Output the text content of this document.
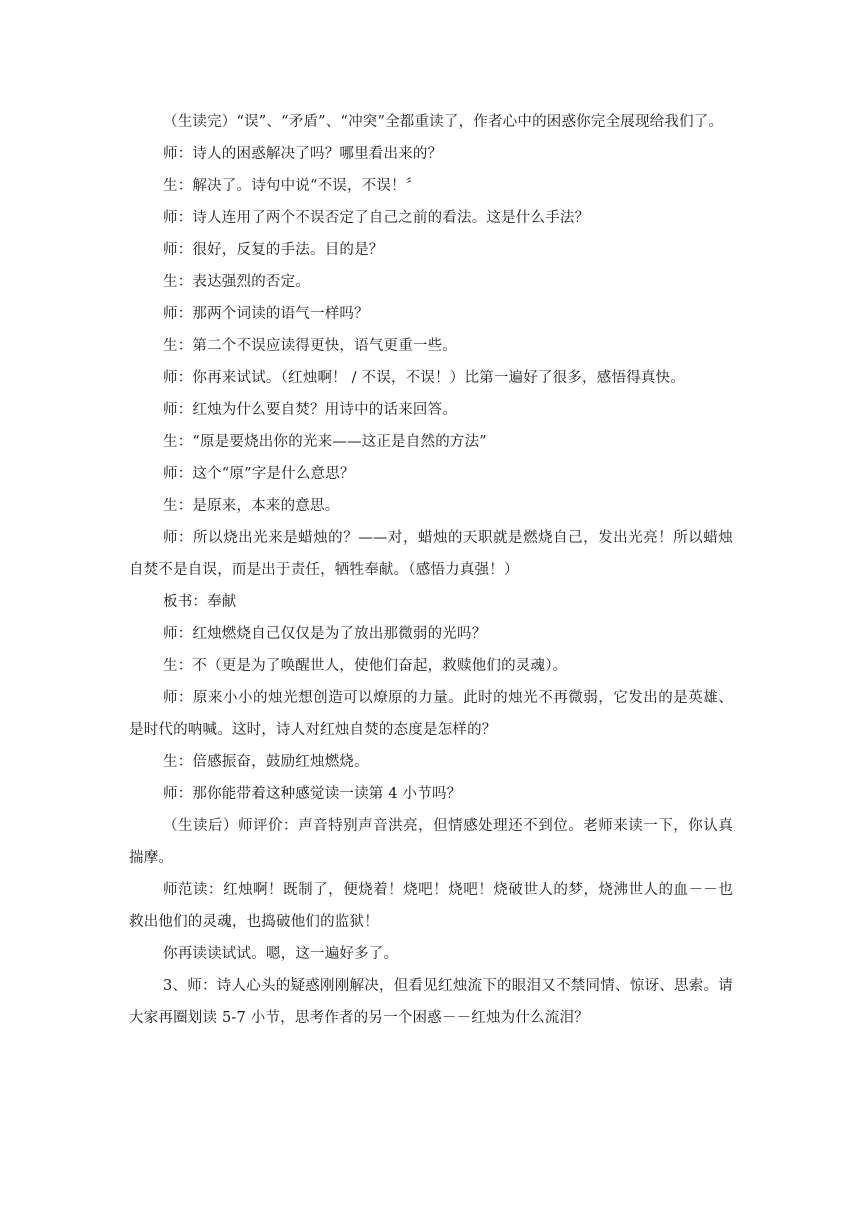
（生读完）“误”、“矛盾”、“冲突”全都重读了，作者心中的困惑你完全展现给我们了。

师：诗人的困惑解决了吗？哪里看出来的？

生：解决了。诗句中说“不误，不误！〞

师：诗人连用了两个不误否定了自己之前的看法。这是什么手法？

师：很好，反复的手法。目的是？

生：表达强烈的否定。

师：那两个词读的语气一样吗？

生：第二个不误应读得更快，语气更重一些。

师：你再来试试。（红烛啊！ / 不误，不误！）比第一遍好了很多，感悟得真快。

师：红烛为什么要自焚？用诗中的话来回答。

生：“原是要烧出你的光来——这正是自然的方法”

师：这个“原”字是什么意思？

生：是原来，本来的意思。

师：所以烧出光来是蜡烛的？——对，蜡烛的天职就是燃烧自己，发出光亮！所以蜡烛自焚不是自误，而是出于责任，牺牲奉献。（感悟力真强！）

板书：奉献

师：红烛燃烧自己仅仅是为了放出那微弱的光吗？

生：不（更是为了唤醒世人，使他们奋起，救赎他们的灵魂）。

师：原来小小的烛光想创造可以燎原的力量。此时的烛光不再微弱，它发出的是英雄、是时代的呐喊。这时，诗人对红烛自焚的态度是怎样的？

生：倍感振奋，鼓励红烛燃烧。

师：那你能带着这种感觉读一读第 4 小节吗？

（生读后）师评价：声音特别声音洪亮，但情感处理还不到位。老师来读一下，你认真揣摩。

师范读：红烛啊！既制了，便烧着！烧吧！烧吧！烧破世人的梦，烧沸世人的血－－也救出他们的灵魂，也捣破他们的监狱！

你再读读试试。嗯，这一遍好多了。

3、师：诗人心头的疑惑刚刚解决，但看见红烛流下的眼泪又不禁同情、惊讶、思索。请大家再圈划读 5-7 小节，思考作者的另一个困惑－－红烛为什么流泪？
